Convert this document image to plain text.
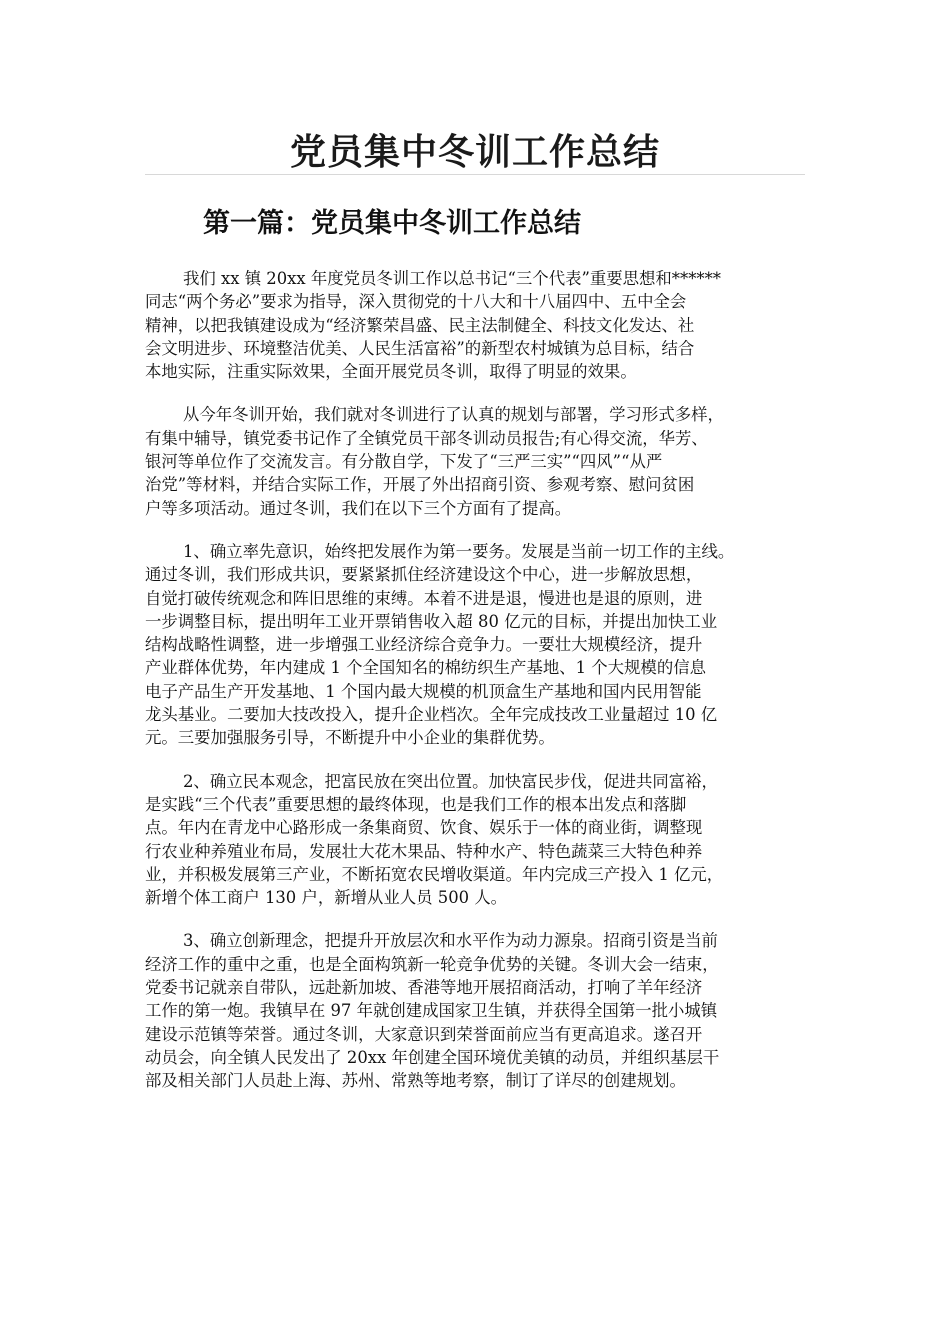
党员集中冬训工作总结
第一篇：党员集中冬训工作总结
我们 xx 镇 20xx 年度党员冬训工作以总书记“三个代表”重要思想和******
同志“两个务必”要求为指导，深入贯彻党的十八大和十八届四中、五中全会
精神，以把我镇建设成为“经济繁荣昌盛、民主法制健全、科技文化发达、社
会文明进步、环境整洁优美、人民生活富裕”的新型农村城镇为总目标，结合
本地实际，注重实际效果，全面开展党员冬训，取得了明显的效果。
从今年冬训开始，我们就对冬训进行了认真的规划与部署，学习形式多样，
有集中辅导，镇党委书记作了全镇党员干部冬训动员报告;有心得交流，华芳、
银河等单位作了交流发言。有分散自学，下发了“三严三实”“四风”“从严
治党”等材料，并结合实际工作，开展了外出招商引资、参观考察、慰问贫困
户等多项活动。通过冬训，我们在以下三个方面有了提高。
1、确立率先意识，始终把发展作为第一要务。发展是当前一切工作的主线。
通过冬训，我们形成共识，要紧紧抓住经济建设这个中心，进一步解放思想，
自觉打破传统观念和阵旧思维的束缚。本着不进是退，慢进也是退的原则，进
一步调整目标，提出明年工业开票销售收入超 80 亿元的目标，并提出加快工业
结构战略性调整，进一步增强工业经济综合竞争力。一要壮大规模经济，提升
产业群体优势，年内建成 1 个全国知名的棉纺织生产基地、1 个大规模的信息
电子产品生产开发基地、1 个国内最大规模的机顶盒生产基地和国内民用智能
龙头基业。二要加大技改投入，提升企业档次。全年完成技改工业量超过 10 亿
元。三要加强服务引导，不断提升中小企业的集群优势。
2、确立民本观念，把富民放在突出位置。加快富民步伐，促进共同富裕，
是实践“三个代表”重要思想的最终体现，也是我们工作的根本出发点和落脚
点。年内在青龙中心路形成一条集商贸、饮食、娱乐于一体的商业街，调整现
行农业种养殖业布局，发展壮大花木果品、特种水产、特色蔬菜三大特色种养
业，并积极发展第三产业，不断拓宽农民增收渠道。年内完成三产投入 1 亿元，
新增个体工商户 130 户，新增从业人员 500 人。
3、确立创新理念，把提升开放层次和水平作为动力源泉。招商引资是当前
经济工作的重中之重，也是全面构筑新一轮竞争优势的关键。冬训大会一结束，
党委书记就亲自带队，远赴新加坡、香港等地开展招商活动，打响了羊年经济
工作的第一炮。我镇早在 97 年就创建成国家卫生镇，并获得全国第一批小城镇
建设示范镇等荣誉。通过冬训，大家意识到荣誉面前应当有更高追求。遂召开
动员会，向全镇人民发出了 20xx 年创建全国环境优美镇的动员，并组织基层干
部及相关部门人员赴上海、苏州、常熟等地考察，制订了详尽的创建规划。
